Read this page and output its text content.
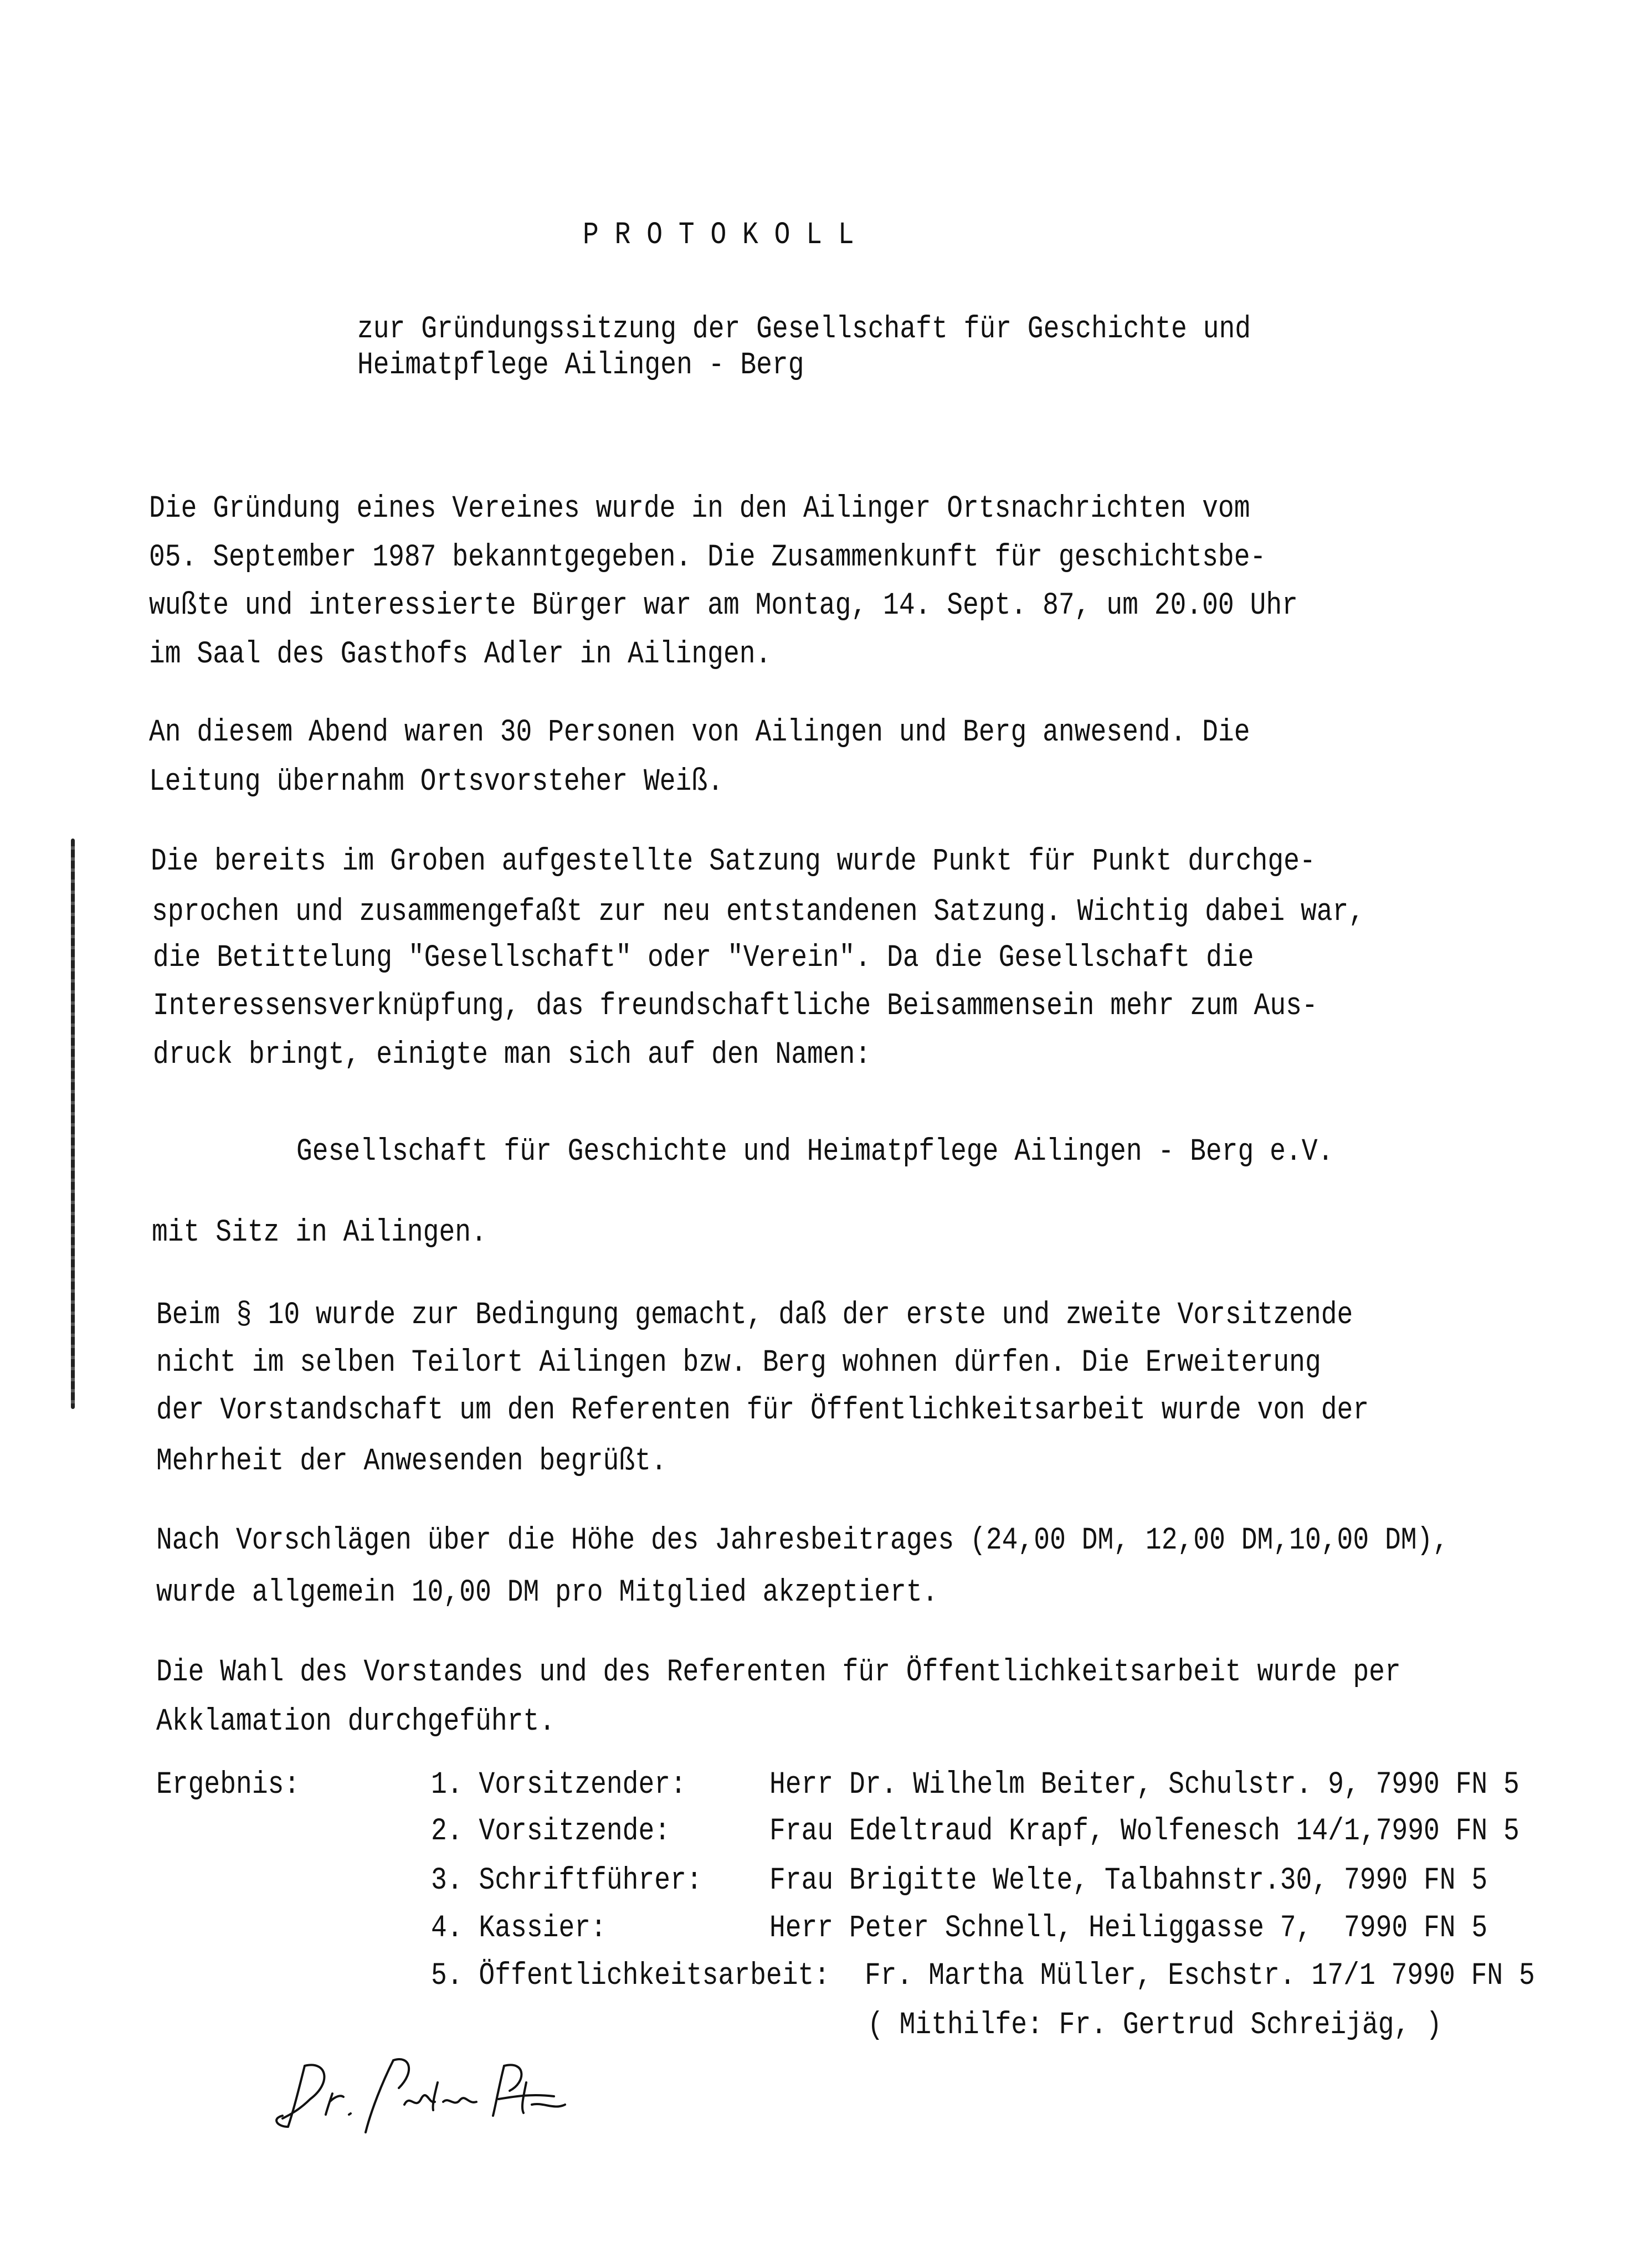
P R O T O K O L L
zur Gründungssitzung der Gesellschaft für Geschichte und
Heimatpflege Ailingen - Berg
Die Gründung eines Vereines wurde in den Ailinger Ortsnachrichten vom
05. September 1987 bekanntgegeben. Die Zusammenkunft für geschichtsbe-
wußte und interessierte Bürger war am Montag, 14. Sept. 87, um 20.00 Uhr
im Saal des Gasthofs Adler in Ailingen.
An diesem Abend waren 30 Personen von Ailingen und Berg anwesend. Die
Leitung übernahm Ortsvorsteher Weiß.
Die bereits im Groben aufgestellte Satzung wurde Punkt für Punkt durchge-
sprochen und zusammengefaßt zur neu entstandenen Satzung. Wichtig dabei war,
die Betittelung "Gesellschaft" oder "Verein". Da die Gesellschaft die
Interessensverknüpfung, das freundschaftliche Beisammensein mehr zum Aus-
druck bringt, einigte man sich auf den Namen:
Gesellschaft für Geschichte und Heimatpflege Ailingen - Berg e.V.
mit Sitz in Ailingen.
Beim § 10 wurde zur Bedingung gemacht, daß der erste und zweite Vorsitzende
nicht im selben Teilort Ailingen bzw. Berg wohnen dürfen. Die Erweiterung
der Vorstandschaft um den Referenten für Öffentlichkeitsarbeit wurde von der
Mehrheit der Anwesenden begrüßt.
Nach Vorschlägen über die Höhe des Jahresbeitrages (24,00 DM, 12,00 DM,10,00 DM),
wurde allgemein 10,00 DM pro Mitglied akzeptiert.
Die Wahl des Vorstandes und des Referenten für Öffentlichkeitsarbeit wurde per
Akklamation durchgeführt.
Ergebnis:	1. Vorsitzender:	Herr Dr. Wilhelm Beiter, Schulstr. 9, 7990 FN 5
2. Vorsitzende:	Frau Edeltraud Krapf, Wolfenesch 14/1,7990 FN 5
3. Schriftführer:	Frau Brigitte Welte, Talbahnstr.30, 7990 FN 5
4. Kassier:	Herr Peter Schnell, Heiliggasse 7,  7990 FN 5
5. Öffentlichkeitsarbeit: Fr. Martha Müller, Eschstr. 17/1 7990 FN 5
( Mithilfe: Fr. Gertrud Schreijäg, )
